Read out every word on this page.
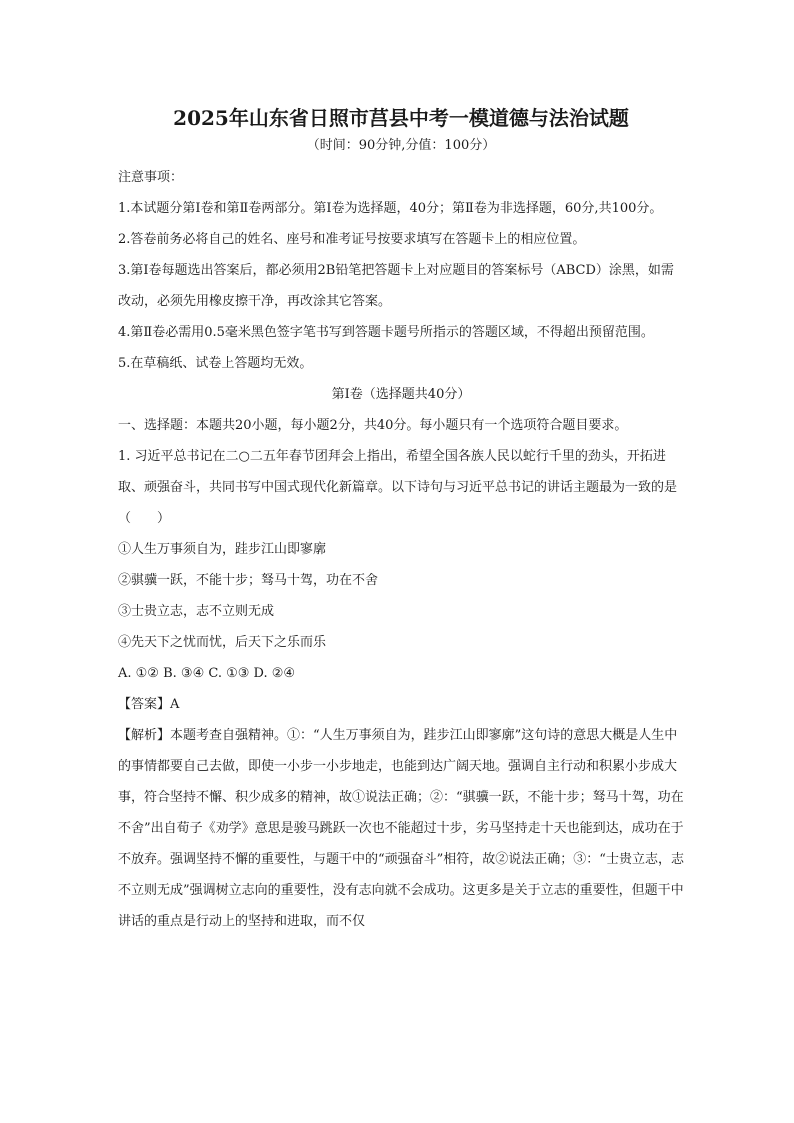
2025年山东省日照市莒县中考一模道德与法治试题
（时间：90分钟,分值：100分）

注意事项：

1.本试题分第Ⅰ卷和第Ⅱ卷两部分。第Ⅰ卷为选择题，40分；第Ⅱ卷为非选择题，60分,共100分。

2.答卷前务必将自己的姓名、座号和准考证号按要求填写在答题卡上的相应位置。

3.第Ⅰ卷每题选出答案后，都必须用2B铅笔把答题卡上对应题目的答案标号（ABCD）涂黑，如需改动，必须先用橡皮擦干净，再改涂其它答案。

4.第Ⅱ卷必需用0.5毫米黑色签字笔书写到答题卡题号所指示的答题区域，不得超出预留范围。

5.在草稿纸、试卷上答题均无效。

第Ⅰ卷（选择题共40分）

一、选择题：本题共20小题，每小题2分，共40分。每小题只有一个选项符合题目要求。

1. 习近平总书记在二○二五年春节团拜会上指出，希望全国各族人民以蛇行千里的劲头，开拓进取、顽强奋斗，共同书写中国式现代化新篇章。以下诗句与习近平总书记的讲话主题最为一致的是（　　）

①人生万事须自为，跬步江山即寥廓

②骐骥一跃，不能十步；驽马十驾，功在不舍

③士贵立志，志不立则无成

④先天下之忧而忧，后天下之乐而乐

A. ①② B. ③④ C. ①③ D. ②④

【答案】A

【解析】本题考查自强精神。①：“人生万事须自为，跬步江山即寥廓”这句诗的意思大概是人生中的事情都要自己去做，即使一小步一小步地走，也能到达广阔天地。强调自主行动和积累小步成大事，符合坚持不懈、积少成多的精神，故①说法正确；②：“骐骥一跃，不能十步；驽马十驾，功在不舍”出自荀子《劝学》意思是骏马跳跃一次也不能超过十步，劣马坚持走十天也能到达，成功在于不放弃。强调坚持不懈的重要性，与题干中的“顽强奋斗”相符，故②说法正确；③：“士贵立志，志不立则无成”强调树立志向的重要性，没有志向就不会成功。这更多是关于立志的重要性，但题干中讲话的重点是行动上的坚持和进取，而不仅
